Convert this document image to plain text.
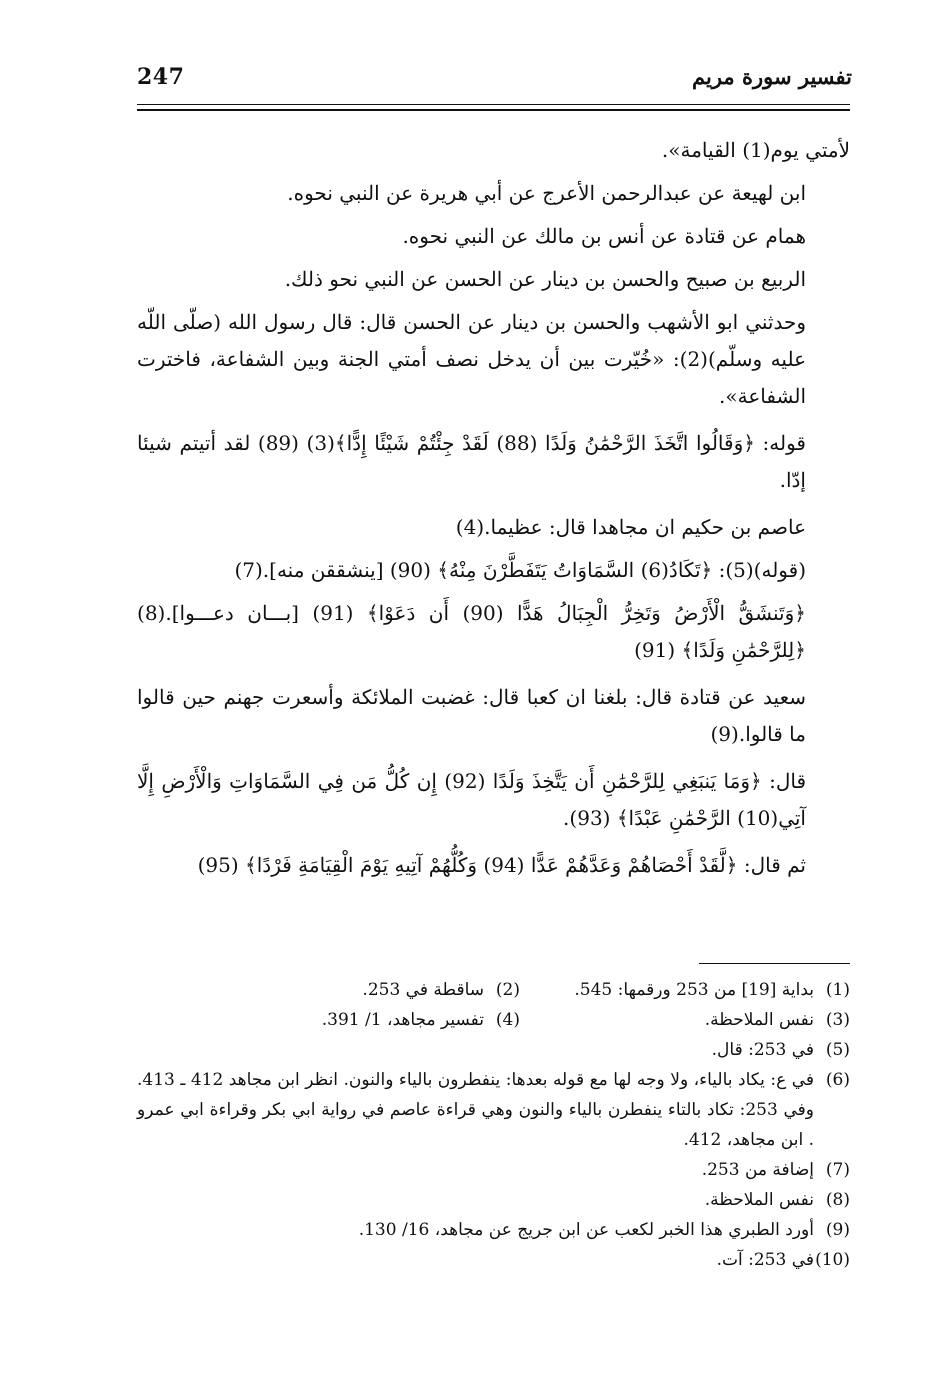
247	تفسير سورة مريم

لأمتي يوم(1) القيامة».

ابن لهيعة عن عبدالرحمن الأعرج عن أبي هريرة عن النبي نحوه.

همام عن قتادة عن أنس بن مالك عن النبي نحوه.

الربيع بن صبيح والحسن بن دينار عن الحسن عن النبي نحو ذلك.

وحدثني ابو الأشهب والحسن بن دينار عن الحسن قال: قال رسول الله (صلّى اللّه عليه وسلّم)(2): «خُيّرت بين أن يدخل نصف أمتي الجنة وبين الشفاعة، فاخترت الشفاعة».

قوله: ﴿وَقَالُوا اتَّخَذَ الرَّحْمَٰنُ وَلَدًا (88) لَقَدْ جِئْتُمْ شَيْئًا إِدًّا﴾(3) (89) لقد أتيتم شيئا إدّا.

عاصم بن حكيم ان مجاهدا قال: عظيما.(4)

(قوله)(5): ﴿تَكَادُ(6) السَّمَاوَاتُ يَتَفَطَّرْنَ مِنْهُ﴾ (90) [ينشققن منه].(7)

﴿وَتَنشَقُّ الْأَرْضُ وَتَخِرُّ الْجِبَالُ هَدًّا (90) أَن دَعَوْا﴾ (91) [بـــان دعـــوا].(8) ﴿لِلرَّحْمَٰنِ وَلَدًا﴾ (91)

سعيد عن قتادة قال: بلغنا ان كعبا قال: غضبت الملائكة وأسعرت جهنم حين قالوا ما قالوا.(9)

قال: ﴿وَمَا يَنبَغِي لِلرَّحْمَٰنِ أَن يَتَّخِذَ وَلَدًا (92) إِن كُلُّ مَن فِي السَّمَاوَاتِ وَالْأَرْضِ إِلَّا آتِي(10) الرَّحْمَٰنِ عَبْدًا﴾ (93).

ثم قال: ﴿لَّقَدْ أَحْصَاهُمْ وَعَدَّهُمْ عَدًّا (94) وَكُلُّهُمْ آتِيهِ يَوْمَ الْقِيَامَةِ فَرْدًا﴾ (95)

(1)
بداية [19] من 253 ورقمها: 545.
(2)
ساقطة في 253.
(3)
نفس الملاحظة.
(4)
تفسير مجاهد، 1/ 391.
(5)
في 253: قال.
(6)
في ع: يكاد بالياء، ولا وجه لها مع قوله بعدها: ينفطرون بالياء والنون. انظر ابن مجاهد 412 ـ 413. وفي 253: تكاد بالتاء ينفطرن بالياء والنون وهي قراءة عاصم في رواية ابي بكر وقراءة ابي عمرو . ابن مجاهد، 412.
(7)
إضافة من 253.
(8)
نفس الملاحظة.
(9)
أورد الطبري هذا الخبر لكعب عن ابن جريج عن مجاهد، 16/ 130.
(10)
في 253: آت.
